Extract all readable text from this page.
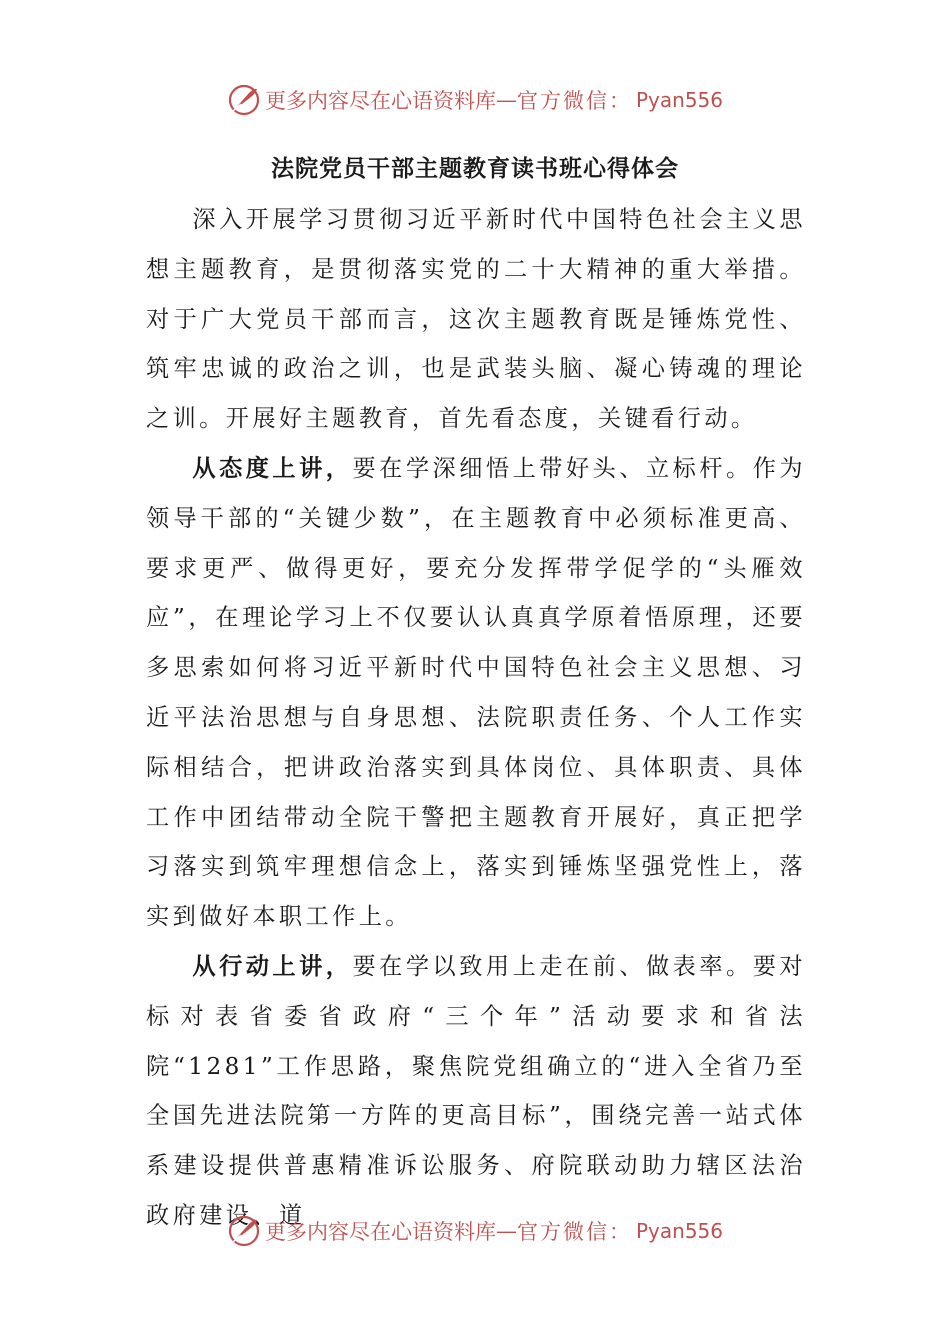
更多内容尽在心语资料库 — 官方微信： Pyan556
法院党员干部主题教育读书班心得体会

深入开展学习贯彻习近平新时代中国特色社会主义思想主题教育，是贯彻落实党的二十大精神的重大举措。对于广大党员干部而言，这次主题教育既是锤炼党性、筑牢忠诚的政治之训，也是武装头脑、凝心铸魂的理论之训。开展好主题教育，首先看态度，关键看行动。

从态度上讲，要在学深细悟上带好头、立标杆。作为领导干部的“关键少数”，在主题教育中必须标准更高、要求更严、做得更好，要充分发挥带学促学的“头雁效应”，在理论学习上不仅要认认真真学原着悟原理，还要多思索如何将习近平新时代中国特色社会主义思想、习近平法治思想与自身思想、法院职责任务、个人工作实际相结合，把讲政治落实到具体岗位、具体职责、具体工作中团结带动全院干警把主题教育开展好，真正把学习落实到筑牢理想信念上，落实到锤炼坚强党性上，落实到做好本职工作上。

从行动上讲，要在学以致用上走在前、做表率。要对标对表省委省政府“三个年”活动要求和省法院“1281”工作思路，聚焦院党组确立的“进入全省乃至全国先进法院第一方阵的更高目标”，围绕完善一站式体系建设提供普惠精准诉讼服务、府院联动助力辖区法治政府建设、道

更多内容尽在心语资料库 — 官方微信： Pyan556
